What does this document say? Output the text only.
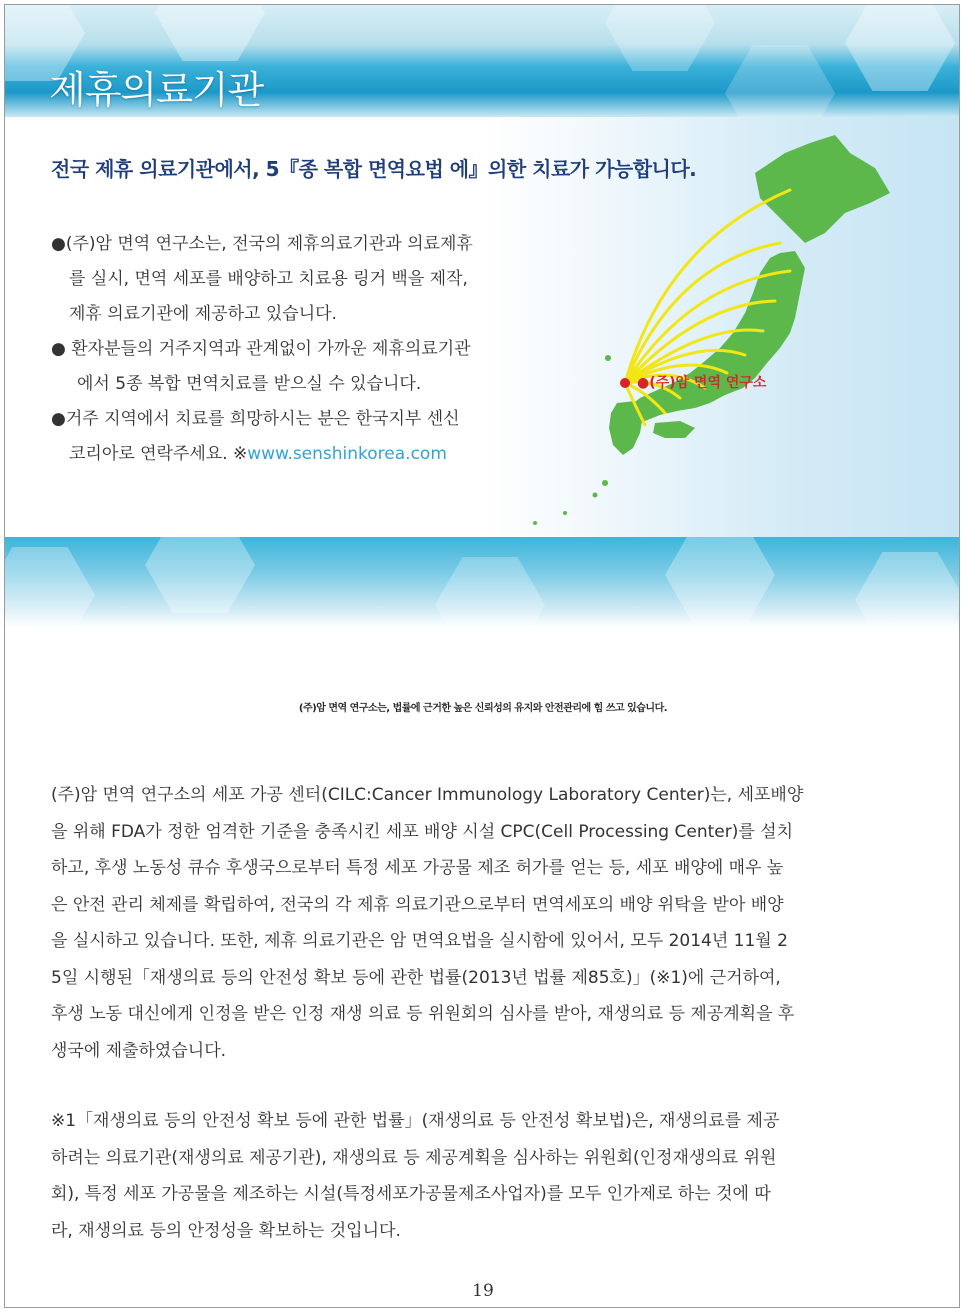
제휴의료기관
전국 제휴 의료기관에서, 5『종 복합 면역요법 에』의한 치료가 가능합니다.
●(주)암 면역 연구소는, 전국의 제휴의료기관과 의료제휴
를 실시, 면역 세포를 배양하고 치료용 링거 백을 제작,
제휴 의료기관에 제공하고 있습니다.
● 환자분들의 거주지역과 관계없이 가까운 제휴의료기관
에서 5종 복합 면역치료를 받으실 수 있습니다.
●거주 지역에서 치료를 희망하시는 분은 한국지부 센신
코리아로 연락주세요. ※www.senshinkorea.com
●(주)암 면역 연구소
(주)암 면역 연구소는, 법률에 근거한 높은 신뢰성의 유지와 안전관리에 힘 쓰고 있습니다.
(주)암 면역 연구소의 세포 가공 센터(CILC:Cancer Immunology Laboratory Center)는, 세포배양
을 위해 FDA가 정한 엄격한 기준을 충족시킨 세포 배양 시설 CPC(Cell Processing Center)를 설치
하고, 후생 노동성 큐슈 후생국으로부터 특정 세포 가공물 제조 허가를 얻는 등, 세포 배양에 매우 높
은 안전 관리 체제를 확립하여, 전국의 각 제휴 의료기관으로부터 면역세포의 배양 위탁을 받아 배양
을 실시하고 있습니다. 또한, 제휴 의료기관은 암 면역요법을 실시함에 있어서, 모두 2014년 11월 2
5일 시행된「재생의료 등의 안전성 확보 등에 관한 법률(2013년 법률 제85호)」(※1)에 근거하여,
후생 노동 대신에게 인정을 받은 인정 재생 의료 등 위원회의 심사를 받아, 재생의료 등 제공계획을 후
생국에 제출하였습니다.
※1「재생의료 등의 안전성 확보 등에 관한 법률」(재생의료 등 안전성 확보법)은, 재생의료를 제공
하려는 의료기관(재생의료 제공기관), 재생의료 등 제공계획을 심사하는 위원회(인정재생의료 위원
회), 특정 세포 가공물을 제조하는 시설(특정세포가공물제조사업자)를 모두 인가제로 하는 것에 따
라, 재생의료 등의 안정성을 확보하는 것입니다.
19
